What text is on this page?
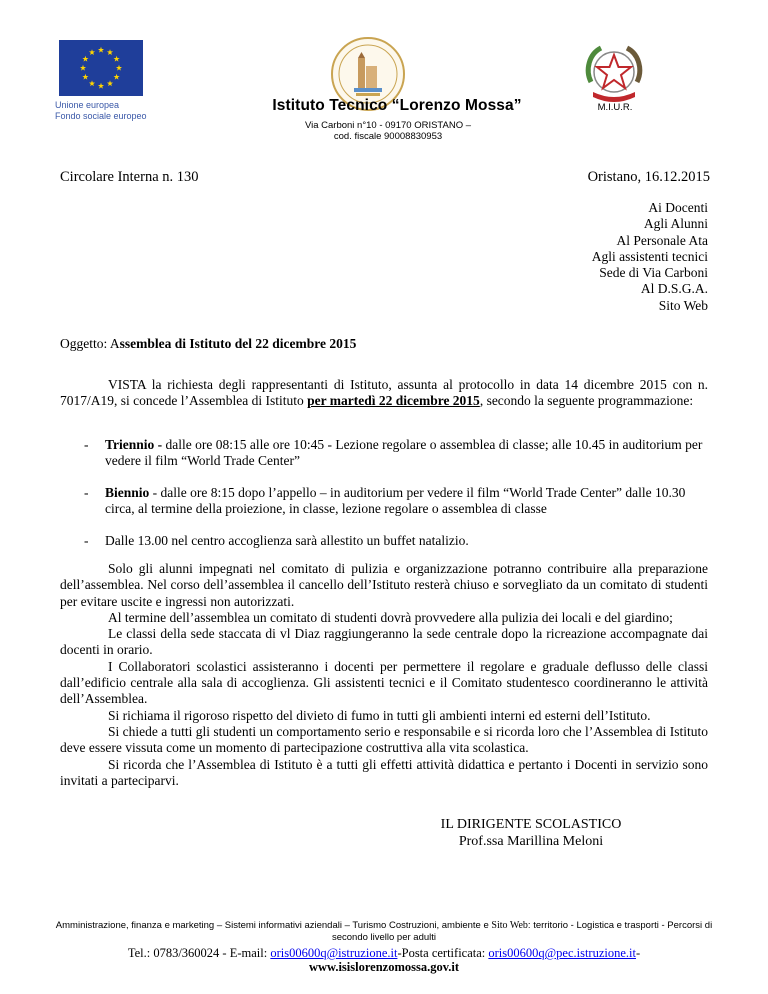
Unione europea
Fondo sociale europeo
Istituto Tecnico “Lorenzo Mossa”
Via Carboni n°10 - 09170 ORISTANO –
cod. fiscale 90008830953
M.I.U.R.
Circolare Interna n. 130	Oristano, 16.12.2015
Ai Docenti
Agli Alunni
Al Personale Ata
Agli assistenti tecnici
Sede di Via Carboni
Al D.S.G.A.
Sito Web
Oggetto: Assemblea di Istituto del 22 dicembre 2015
VISTA la richiesta degli rappresentanti di Istituto, assunta al protocollo in data 14 dicembre 2015 con n. 7017/A19, si concede l’Assemblea di Istituto per martedì 22 dicembre 2015, secondo la seguente programmazione:
- Triennio - dalle ore 08:15 alle ore 10:45 - Lezione regolare o assemblea di classe; alle 10.45 in auditorium per vedere il film “World Trade Center”
- Biennio - dalle ore 8:15 dopo l’appello – in auditorium per vedere il film “World Trade Center” dalle 10.30 circa, al termine della proiezione, in classe, lezione regolare o assemblea di classe
- Dalle 13.00 nel centro accoglienza sarà allestito un buffet natalizio.

Solo gli alunni impegnati nel comitato di pulizia e organizzazione potranno contribuire alla preparazione dell’assemblea. Nel corso dell’assemblea il cancello dell’Istituto resterà chiuso e sorvegliato da un comitato di studenti per evitare uscite e ingressi non autorizzati.

Al termine dell’assemblea un comitato di studenti dovrà provvedere alla pulizia dei locali e del giardino;

Le classi della sede staccata di vl Diaz raggiungeranno la sede centrale dopo la ricreazione accompagnate dai docenti in orario.

I Collaboratori scolastici assisteranno i docenti per permettere il regolare e graduale deflusso delle classi dall’edificio centrale alla sala di accoglienza. Gli assistenti tecnici e il Comitato studentesco coordineranno le attività dell’Assemblea.

Si richiama il rigoroso rispetto del divieto di fumo in tutti gli ambienti interni ed esterni dell’Istituto.

Si chiede a tutti gli studenti un comportamento serio e responsabile e si ricorda loro che l’Assemblea di Istituto deve essere vissuta come un momento di partecipazione costruttiva alla vita scolastica.

Si ricorda che l’Assemblea di Istituto è a tutti gli effetti attività didattica e pertanto i Docenti in servizio sono invitati a parteciparvi.

IL DIRIGENTE SCOLASTICO
Prof.ssa Marillina Meloni
Amministrazione, finanza e marketing – Sistemi informativi aziendali – Turismo Costruzioni, ambiente e Sito Web: territorio - Logistica e trasporti - Percorsi di secondo livello per adulti
Tel.: 0783/360024 - E-mail: oris00600q@istruzione.it-Posta certificata: oris00600q@pec.istruzione.it-
www.isislorenzomossa.gov.it
